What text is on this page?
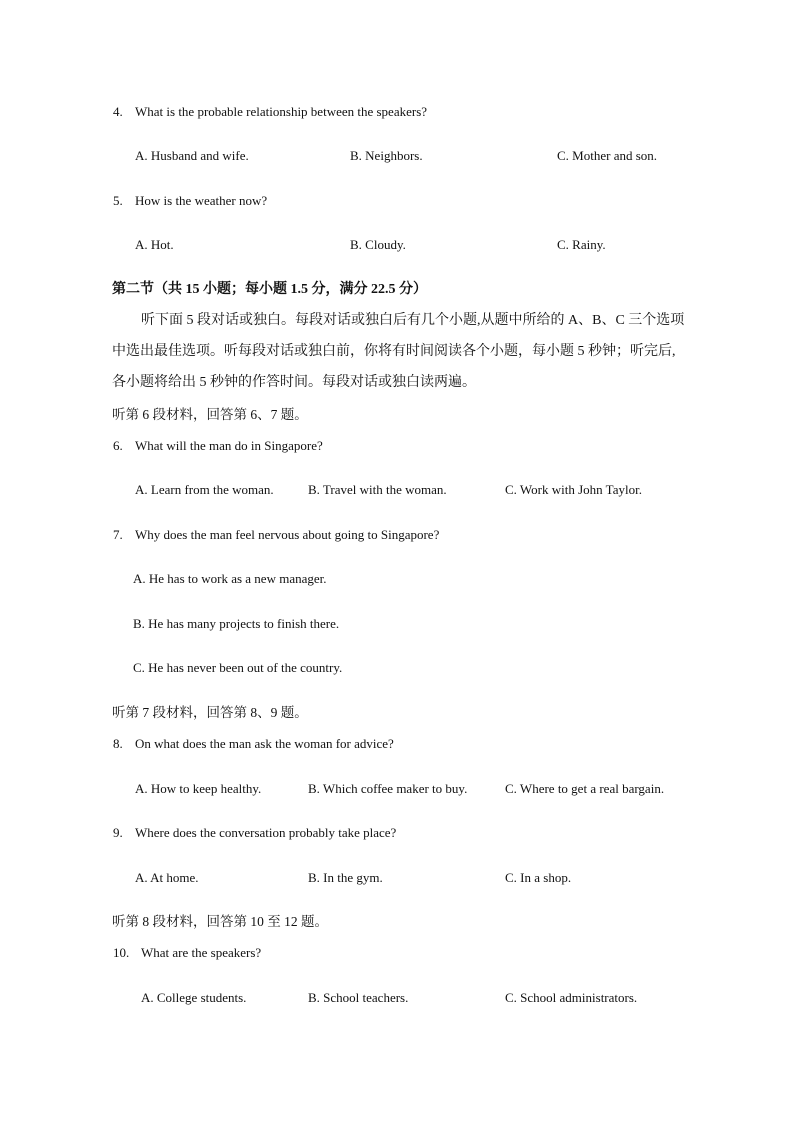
4. What is the probable relationship between the speakers?
A. Husband and wife.	B. Neighbors.	C. Mother and son.
5. How is the weather now?
A. Hot.	B. Cloudy.	C. Rainy.
第二节（共 15 小题；每小题 1.5 分，满分 22.5 分）
听下面 5 段对话或独白。每段对话或独白后有几个小题,从题中所给的 A、B、C 三个选项
中选出最佳选项。听每段对话或独白前，你将有时间阅读各个小题，每小题 5 秒钟；听完后,
各小题将给出 5 秒钟的作答时间。每段对话或独白读两遍。
听第 6 段材料，回答第 6、7 题。
6. What will the man do in Singapore?
A. Learn from the woman.	B. Travel with the woman.	C. Work with John Taylor.
7. Why does the man feel nervous about going to Singapore?
A. He has to work as a new manager.
B. He has many projects to finish there.
C. He has never been out of the country.
听第 7 段材料，回答第 8、9 题。
8. On what does the man ask the woman for advice?
A. How to keep healthy.	B. Which coffee maker to buy.	C. Where to get a real bargain.
9. Where does the conversation probably take place?
A. At home.	B. In the gym.	C. In a shop.
听第 8 段材料，回答第 10 至 12 题。
10. What are the speakers?
A. College students.	B. School teachers.	C. School administrators.
